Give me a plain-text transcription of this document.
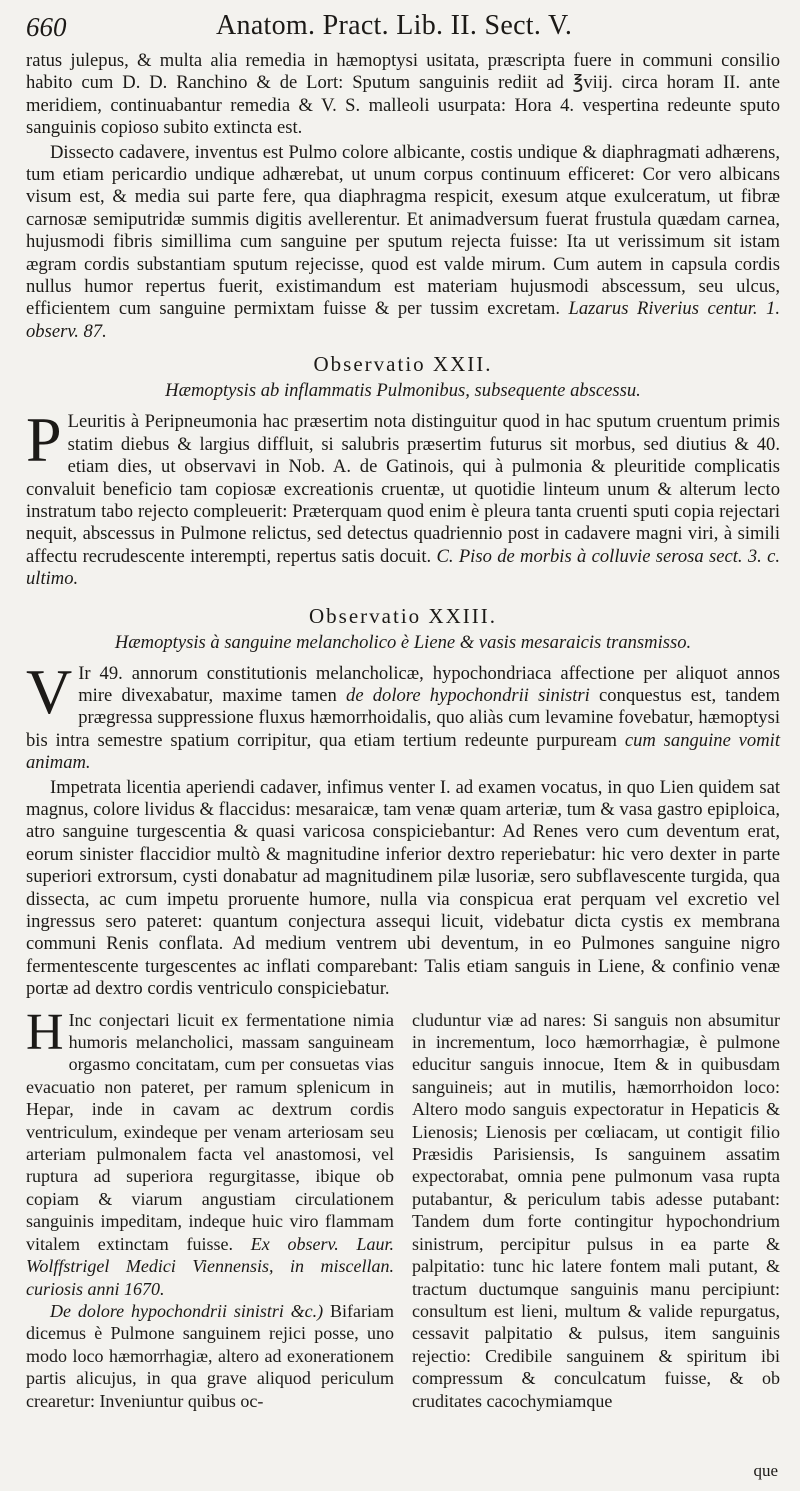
660	Anatom. Pract. Lib. II. Sect. V.

ratus julepus, & multa alia remedia in hæmoptysi usitata, præscripta fuere in communi consilio habito cum D. D. Ranchino & de Lort: Sputum sanguinis rediit ad ℥viij. circa horam II. ante meridiem, continuabantur remedia & V. S. malleoli usurpata: Hora 4. vespertina redeunte sputo sanguinis copioso subito extincta est.

Dissecto cadavere, inventus est Pulmo colore albicante, costis undique & diaphragmati adhærens, tum etiam pericardio undique adhærebat, ut unum corpus continuum efficeret: Cor vero albicans visum est, & media sui parte fere, qua diaphragma respicit, exesum atque exulceratum, ut fibræ carnosæ semiputridæ summis digitis avellerentur. Et animadversum fuerat frustula quædam carnea, hujusmodi fibris simillima cum sanguine per sputum rejecta fuisse: Ita ut verissimum sit istam ægram cordis substantiam sputum rejecisse, quod est valde mirum. Cum autem in capsula cordis nullus humor repertus fuerit, existimandum est materiam hujusmodi abscessum, seu ulcus, efficientem cum sanguine permixtam fuisse & per tussim excretam. Lazarus Riverius centur. 1. observ. 87.

Observatio XXII.
Hæmoptysis ab inflammatis Pulmonibus, subsequente abscessu.

P Leuritis à Peripneumonia hac præsertim nota distinguitur quod in hac sputum cruentum primis statim diebus & largius diffluit, si salubris præsertim futurus sit morbus, sed diutius & 40. etiam dies, ut observavi in Nob. A. de Gatinois, qui à pulmonia & pleuritide complicatis convaluit beneficio tam copiosæ excreationis cruentæ, ut quotidie linteum unum & alterum lecto instratum tabo rejecto compleuerit: Præterquam quod enim è pleura tanta cruenti sputi copia rejectari nequit, abscessus in Pulmone relictus, sed detectus quadriennio post in cadavere magni viri, à simili affectu recrudescente interempti, repertus satis docuit. C. Piso de morbis à colluvie serosa sect. 3. c. ultimo.

Observatio XXIII.
Hæmoptysis à sanguine melancholico è Liene & vasis mesaraicis transmisso.

V Ir 49. annorum constitutionis melancholicæ, hypochondriaca affectione per aliquot annos mire divexabatur, maxime tamen de dolore hypochondrii sinistri conquestus est, tandem prægressa suppressione fluxus hæmorrhoidalis, quo aliàs cum levamine fovebatur, hæmoptysi bis intra semestre spatium corripitur, qua etiam tertium redeunte purpuream cum sanguine vomit animam.

Impetrata licentia aperiendi cadaver, infimus venter I. ad examen vocatus, in quo Lien quidem sat magnus, colore lividus & flaccidus: mesaraicæ, tam venæ quam arteriæ, tum & vasa gastro epiploica, atro sanguine turgescentia & quasi varicosa conspiciebantur: Ad Renes vero cum deventum erat, eorum sinister flaccidior multò & magnitudine inferior dextro reperiebatur: hic vero dexter in parte superiori extrorsum, cysti donabatur ad magnitudinem pilæ lusoriæ, sero subflavescente turgida, qua dissecta, ac cum impetu proruente humore, nulla via conspicua erat perquam vel excretio vel ingressus sero pateret: quantum conjectura assequi licuit, videbatur dicta cystis ex membrana communi Renis conflata. Ad medium ventrem ubi deventum, in eo Pulmones sanguine nigro fermentescente turgescentes ac inflati comparebant: Talis etiam sanguis in Liene, & confinio venæ portæ ad dextro cordis ventriculo conspiciebatur.

H Inc conjectari licuit ex fermentatione nimia humoris melancholici, massam sanguineam orgasmo concitatam, cum per consuetas vias evacuatio non pateret, per ramum splenicum in Hepar, inde in cavam ac dextrum cordis ventriculum, exindeque per venam arteriosam seu arteriam pulmonalem facta vel anastomosi, vel ruptura ad superiora regurgitasse, ibique ob copiam & viarum angustiam circulationem sanguinis impeditam, indeque huic viro flammam vitalem extinctam fuisse. Ex observ. Laur. Wolffstrigel Medici Viennensis, in miscellan. curiosis anni 1670.

De dolore hypochondrii sinistri &c.) Bifariam dicemus è Pulmone sanguinem rejici posse, uno modo loco hæmorrhagiæ, altero ad exonerationem partis alicujus, in qua grave aliquod periculum crearetur: Inveniuntur quibus oc-

cluduntur viæ ad nares: Si sanguis non absumitur in incrementum, loco hæmorrhagiæ, è pulmone educitur sanguis innocue, Item & in quibusdam sanguineis; aut in mutilis, hæmorrhoidon loco: Altero modo sanguis expectoratur in Hepaticis & Lienosis; Lienosis per cœliacam, ut contigit filio Præsidis Parisiensis, Is sanguinem assatim expectorabat, omnia pene pulmonum vasa rupta putabantur, & periculum tabis adesse putabant: Tandem dum forte contingitur hypochondrium sinistrum, percipitur pulsus in ea parte & palpitatio: tunc hic latere fontem mali putant, & tractum ductumque sanguinis manu percipiunt: consultum est lieni, multum & valide repurgatus, cessavit palpitatio & pulsus, item sanguinis rejectio: Credibile sanguinem & spiritum ibi compressum & conculcatum fuisse, & ob cruditates cacochymiamque

que
